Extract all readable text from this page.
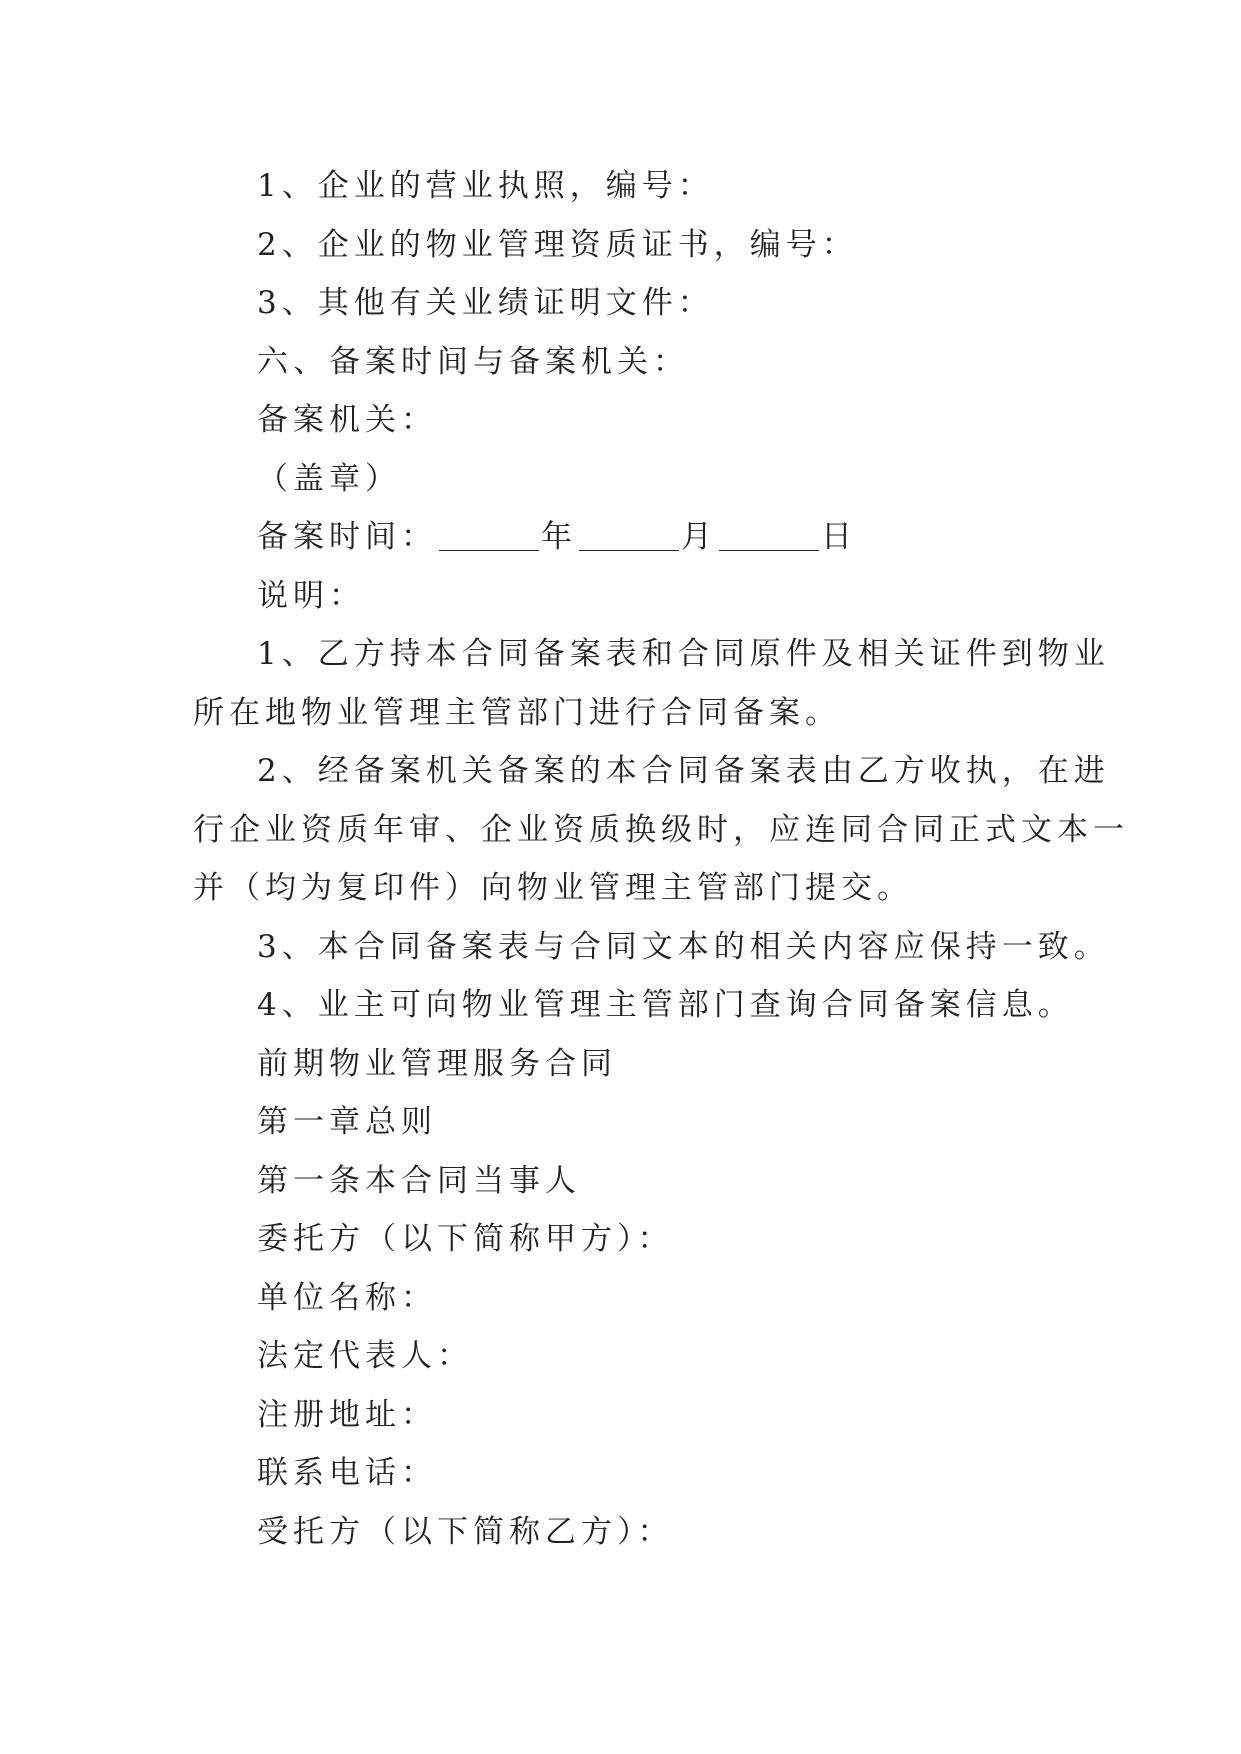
1、企业的营业执照，编号：

2、企业的物业管理资质证书，编号：

3、其他有关业绩证明文件：

六、备案时间与备案机关：

备案机关：

（盖章）

备案时间：	年	月	日

说明：

1、乙方持本合同备案表和合同原件及相关证件到物业

所在地物业管理主管部门进行合同备案。

2、经备案机关备案的本合同备案表由乙方收执，在进

行企业资质年审、企业资质换级时，应连同合同正式文本一

并（均为复印件）向物业管理主管部门提交。

3、本合同备案表与合同文本的相关内容应保持一致。

4、业主可向物业管理主管部门查询合同备案信息。

前期物业管理服务合同

第一章总则

第一条本合同当事人

委托方（以下简称甲方）：

单位名称：

法定代表人：

注册地址：

联系电话：

受托方（以下简称乙方）：
